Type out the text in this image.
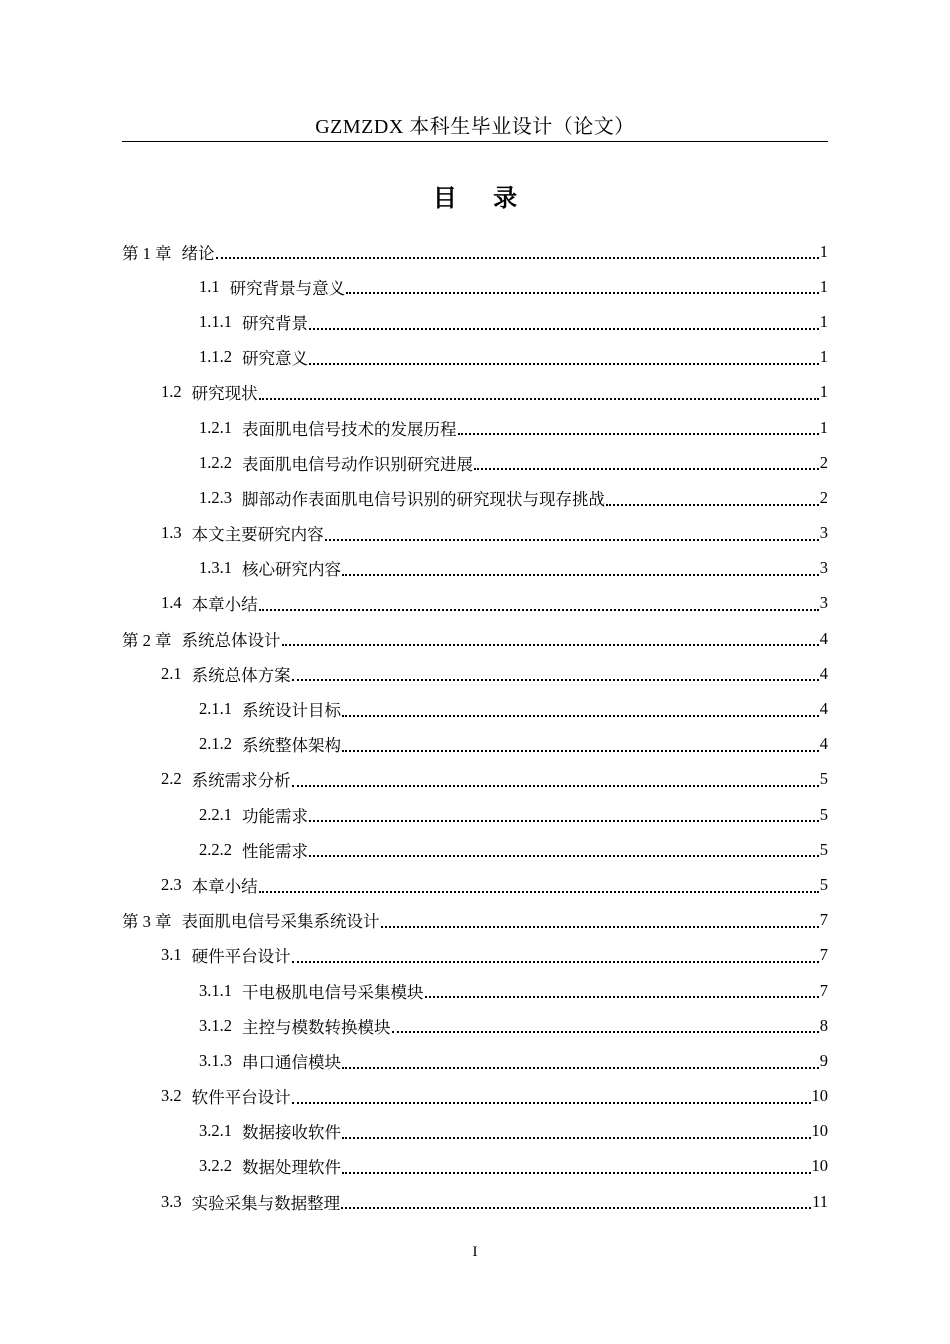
GZMZDX 本科生毕业设计（论文）
目 录
第 1 章 绪论	1
1.1 研究背景与意义	1
1.1.1 研究背景	1
1.1.2 研究意义	1
1.2 研究现状	1
1.2.1 表面肌电信号技术的发展历程	1
1.2.2 表面肌电信号动作识别研究进展	2
1.2.3 脚部动作表面肌电信号识别的研究现状与现存挑战	2
1.3 本文主要研究内容	3
1.3.1 核心研究内容	3
1.4 本章小结	3
第 2 章 系统总体设计	4
2.1 系统总体方案	4
2.1.1 系统设计目标	4
2.1.2 系统整体架构	4
2.2 系统需求分析	5
2.2.1 功能需求	5
2.2.2 性能需求	5
2.3 本章小结	5
第 3 章 表面肌电信号采集系统设计	7
3.1 硬件平台设计	7
3.1.1 干电极肌电信号采集模块	7
3.1.2 主控与模数转换模块	8
3.1.3 串口通信模块	9
3.2 软件平台设计	10
3.2.1 数据接收软件	10
3.2.2 数据处理软件	10
3.3 实验采集与数据整理	11
I
